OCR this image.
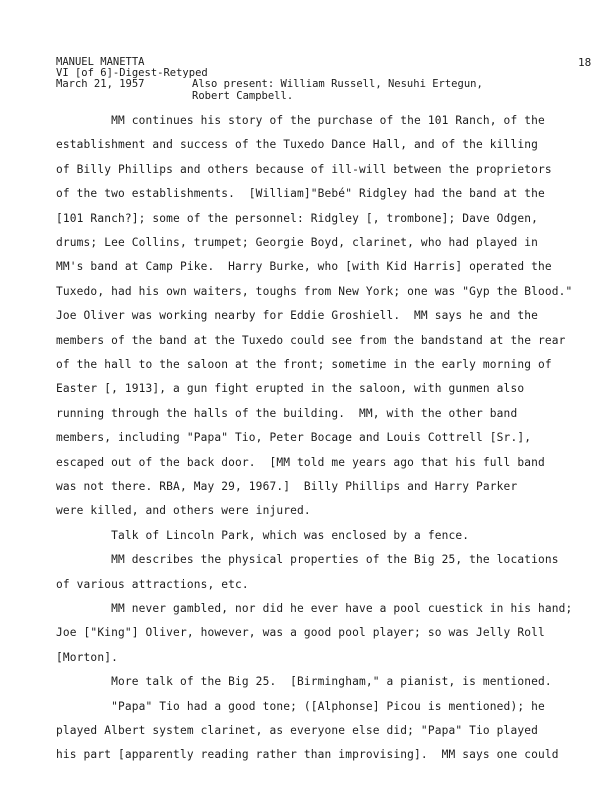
MANUEL MANETTA
VI [of 6]-Digest-Retyped
March 21, 1957	Also present: William Russell, Nesuhi Ertegun,
Robert Campbell.
18
MM continues his story of the purchase of the 101 Ranch, of the
establishment and success of the Tuxedo Dance Hall, and of the killing
of Billy Phillips and others because of ill-will between the proprietors
of the two establishments.  [William]"Bebé" Ridgley had the band at the
[101 Ranch?]; some of the personnel: Ridgley [, trombone]; Dave Odgen,
drums; Lee Collins, trumpet; Georgie Boyd, clarinet, who had played in
MM's band at Camp Pike.  Harry Burke, who [with Kid Harris] operated the
Tuxedo, had his own waiters, toughs from New York; one was "Gyp the Blood."
Joe Oliver was working nearby for Eddie Groshiell.  MM says he and the
members of the band at the Tuxedo could see from the bandstand at the rear
of the hall to the saloon at the front; sometime in the early morning of
Easter [, 1913], a gun fight erupted in the saloon, with gunmen also
running through the halls of the building.  MM, with the other band
members, including "Papa" Tio, Peter Bocage and Louis Cottrell [Sr.],
escaped out of the back door.  [MM told me years ago that his full band
was not there. RBA, May 29, 1967.]  Billy Phillips and Harry Parker
were killed, and others were injured.
Talk of Lincoln Park, which was enclosed by a fence.
MM describes the physical properties of the Big 25, the locations
of various attractions, etc.
MM never gambled, nor did he ever have a pool cuestick in his hand;
Joe ["King"] Oliver, however, was a good pool player; so was Jelly Roll
[Morton].
More talk of the Big 25.  [Birmingham," a pianist, is mentioned.
"Papa" Tio had a good tone; ([Alphonse] Picou is mentioned); he
played Albert system clarinet, as everyone else did; "Papa" Tio played
his part [apparently reading rather than improvising].  MM says one could
